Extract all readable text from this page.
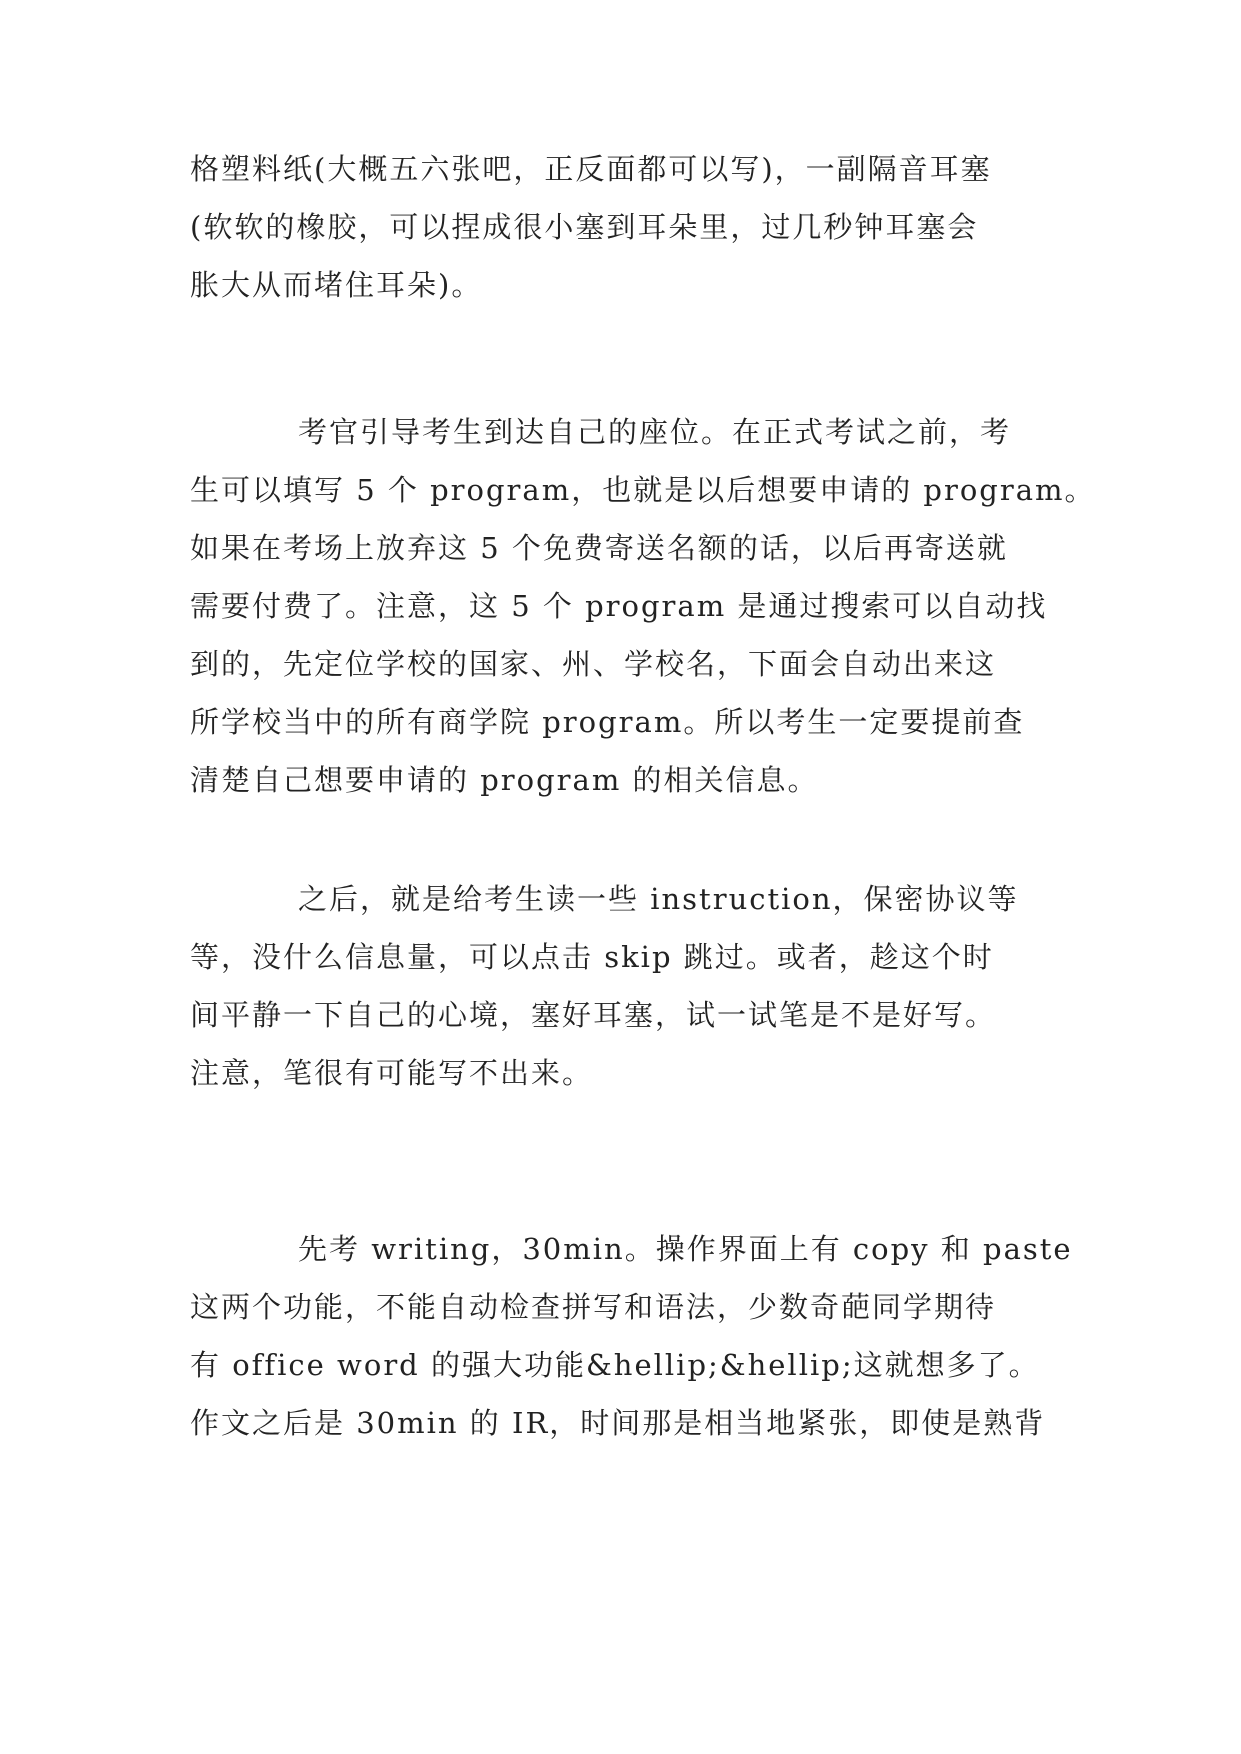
格塑料纸(大概五六张吧，正反面都可以写)，一副隔音耳塞
(软软的橡胶，可以捏成很小塞到耳朵里，过几秒钟耳塞会
胀大从而堵住耳朵)。
考官引导考生到达自己的座位。在正式考试之前，考
生可以填写 5 个 program，也就是以后想要申请的 program。
如果在考场上放弃这 5 个免费寄送名额的话，以后再寄送就
需要付费了。注意，这 5 个 program 是通过搜索可以自动找
到的，先定位学校的国家、州、学校名，下面会自动出来这
所学校当中的所有商学院 program。所以考生一定要提前查
清楚自己想要申请的 program 的相关信息。
之后，就是给考生读一些 instruction，保密协议等
等，没什么信息量，可以点击 skip 跳过。或者，趁这个时
间平静一下自己的心境，塞好耳塞，试一试笔是不是好写。
注意，笔很有可能写不出来。
先考 writing，30min。操作界面上有 copy 和 paste
这两个功能，不能自动检查拼写和语法，少数奇葩同学期待
有 office word 的强大功能&hellip;&hellip;这就想多了。
作文之后是 30min 的 IR，时间那是相当地紧张，即使是熟背
